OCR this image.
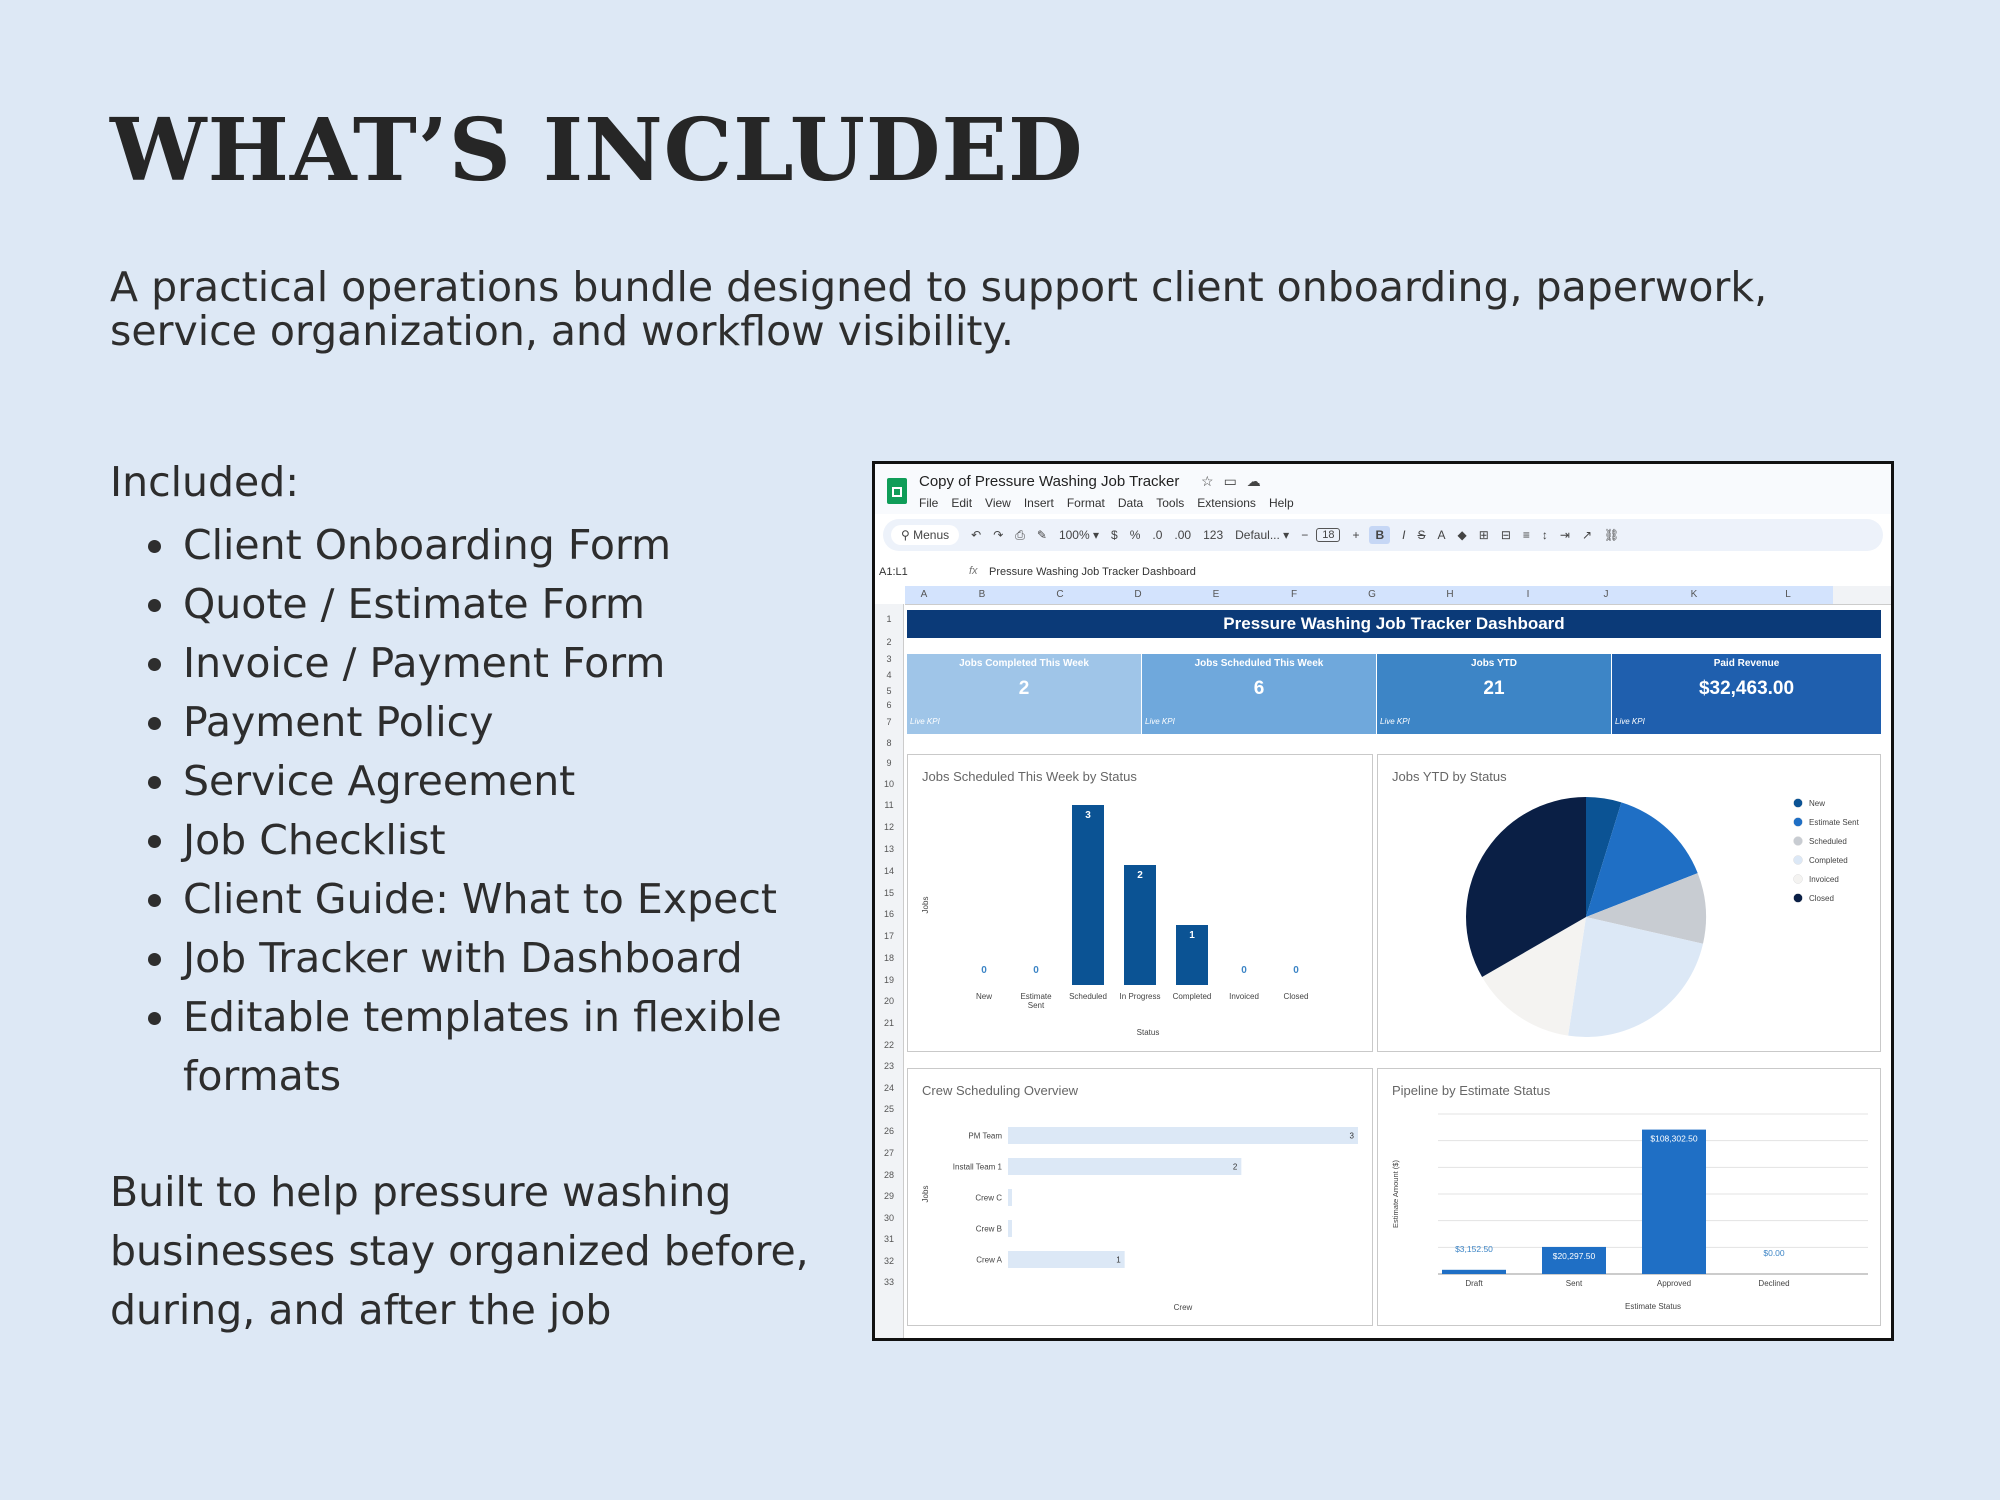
WHAT’S INCLUDED

A practical operations bundle designed to support client onboarding, paperwork, service organization, and workflow visibility.

Included:

Client Onboarding Form
Quote / Estimate Form
Invoice / Payment Form
Payment Policy
Service Agreement
Job Checklist
Client Guide: What to Expect
Job Tracker with Dashboard
Editable templates in flexible formats

Built to help pressure washing businesses stay organized before, during, and after the job

Copy of Pressure Washing Job Tracker ☆▭☁
File Edit View Insert Format Data Tools Extensions Help
⚲ Menus	↶ ↷ ⎙ ✎ 100% ▾ $ % .0 .00 123 Defaul... ▾ −	18	+	B	I S A ◆ ⊞ ⊟ ≡ ↕ ⇥ ↗ ⛓
A1:L1	fx Pressure Washing Job Tracker Dashboard
A	B	C	D	E	F	G	H	I	J	K	L
1
2
3
4
5
6
7
8
9
10
11
12
13
14
15
16
17
18
19
20
21
22
23
24
25
26
27
28
29
30
31
32
33
Pressure Washing Job Tracker Dashboard
Jobs Completed This Week
2
Live KPI
Jobs Scheduled This Week
6
Live KPI
Jobs YTD
21
Live KPI
Paid Revenue
$32,463.00
Live KPI
Jobs Scheduled This Week by Status
0
New
0
Estimate
Sent
3
Scheduled
2
In Progress
1
Completed
0
Invoiced
0
Closed
Status
Jobs
Jobs YTD by Status
New
Estimate Sent
Scheduled
Completed
Invoiced
Closed
Crew Scheduling Overview
PM Team	3
Install Team 1	2
Crew C
Crew B
Crew A	1
Crew
Jobs
Pipeline by Estimate Status
$3,152.50
Draft
$20,297.50
Sent
$108,302.50
Approved
$0.00
Declined
Estimate Status
Estimate Amount ($)
